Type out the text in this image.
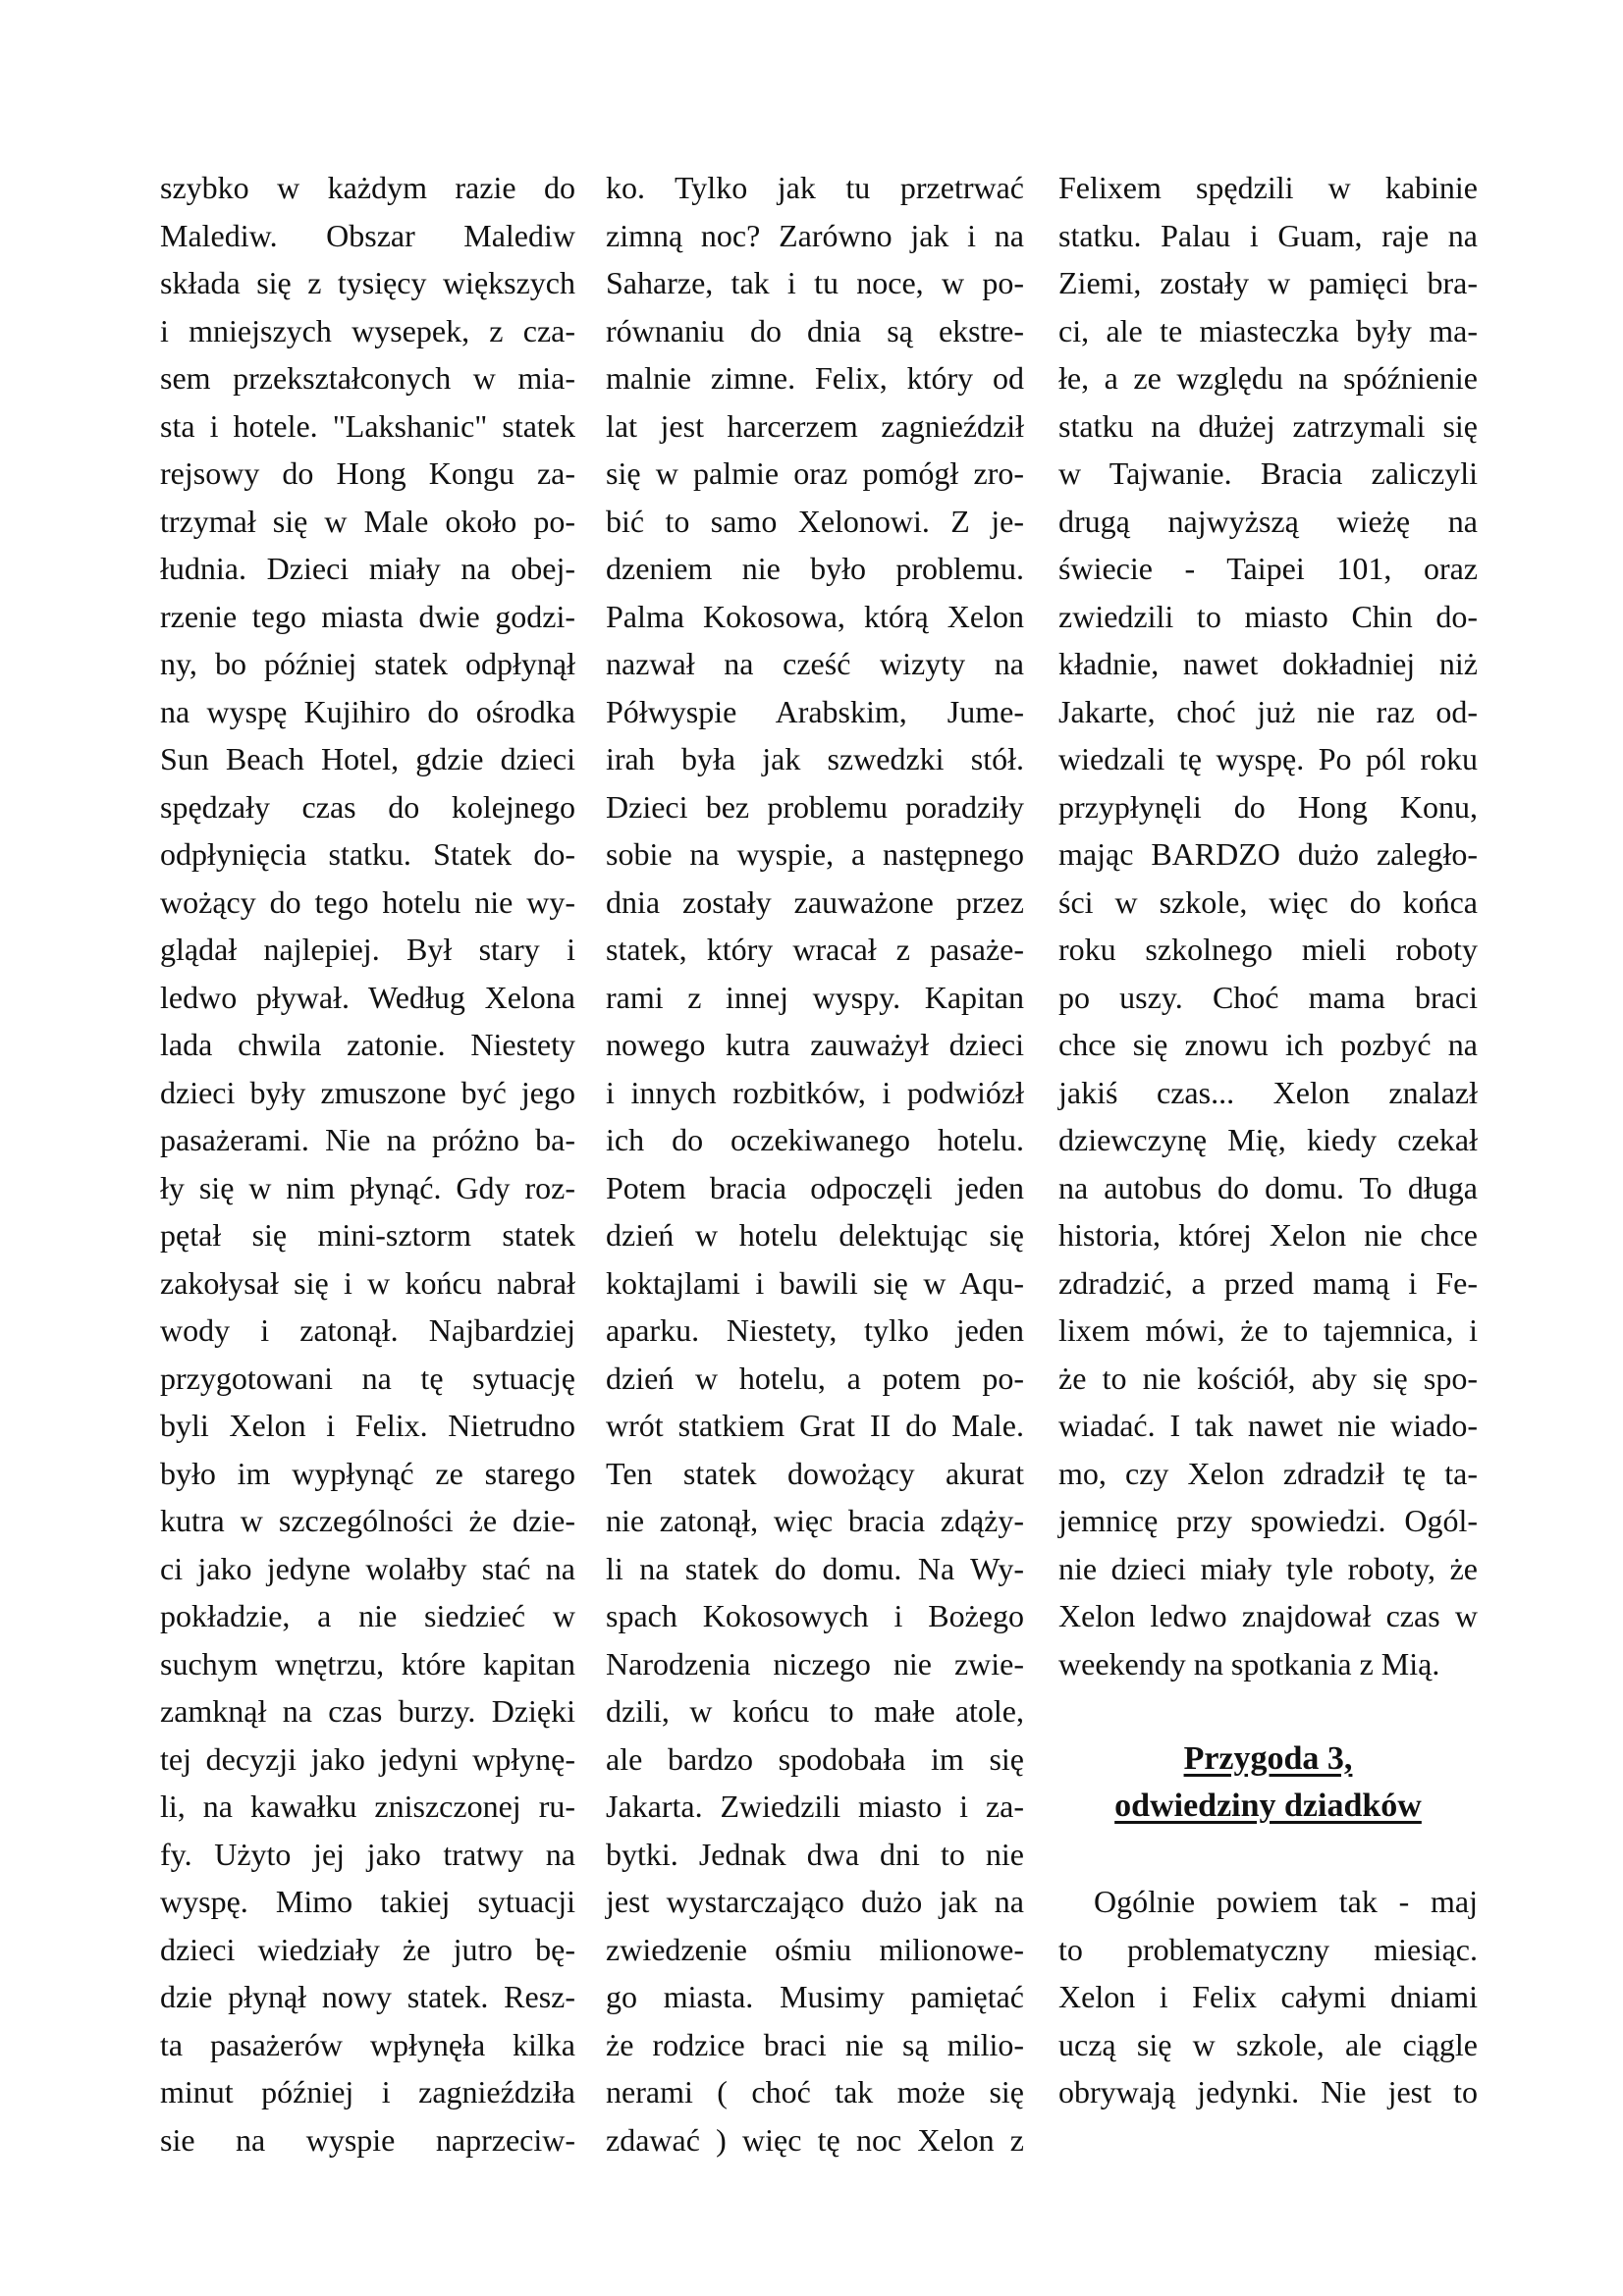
szybko w każdym razie do
Malediw. Obszar Malediw
składa się z tysięcy większych
i mniejszych wysepek, z cza-
sem przekształconych w mia-
sta i hotele. "Lakshanic" statek
rejsowy do Hong Kongu za-
trzymał się w Male około po-
łudnia. Dzieci miały na obej-
rzenie tego miasta dwie godzi-
ny, bo później statek odpłynął
na wyspę Kujihiro do ośrodka
Sun Beach Hotel, gdzie dzieci
spędzały czas do kolejnego
odpłynięcia statku. Statek do-
wożący do tego hotelu nie wy-
glądał najlepiej. Był stary i
ledwo pływał. Według Xelona
lada chwila zatonie. Niestety
dzieci były zmuszone być jego
pasażerami. Nie na próżno ba-
ły się w nim płynąć. Gdy roz-
pętał się mini-sztorm statek
zakołysał się i w końcu nabrał
wody i zatonął. Najbardziej
przygotowani na tę sytuację
byli Xelon i Felix. Nietrudno
było im wypłynąć ze starego
kutra w szczególności że dzie-
ci jako jedyne wolałby stać na
pokładzie, a nie siedzieć w
suchym wnętrzu, które kapitan
zamknął na czas burzy. Dzięki
tej decyzji jako jedyni wpłynę-
li, na kawałku zniszczonej ru-
fy. Użyto jej jako tratwy na
wyspę. Mimo takiej sytuacji
dzieci wiedziały że jutro bę-
dzie płynął nowy statek. Resz-
ta pasażerów wpłynęła kilka
minut później i zagnieździła
sie na wyspie naprzeciw-
ko. Tylko jak tu przetrwać
zimną noc? Zarówno jak i na
Saharze, tak i tu noce, w po-
równaniu do dnia są ekstre-
malnie zimne. Felix, który od
lat jest harcerzem zagnieździł
się w palmie oraz pomógł zro-
bić to samo Xelonowi. Z je-
dzeniem nie było problemu.
Palma Kokosowa, którą Xelon
nazwał na cześć wizyty na
Półwyspie Arabskim, Jume-
irah była jak szwedzki stół.
Dzieci bez problemu poradziły
sobie na wyspie, a następnego
dnia zostały zauważone przez
statek, który wracał z pasaże-
rami z innej wyspy. Kapitan
nowego kutra zauważył dzieci
i innych rozbitków, i podwiózł
ich do oczekiwanego hotelu.
Potem bracia odpoczęli jeden
dzień w hotelu delektując się
koktajlami i bawili się w Aqu-
aparku. Niestety, tylko jeden
dzień w hotelu, a potem po-
wrót statkiem Grat II do Male.
Ten statek dowożący akurat
nie zatonął, więc bracia zdąży-
li na statek do domu. Na Wy-
spach Kokosowych i Bożego
Narodzenia niczego nie zwie-
dzili, w końcu to małe atole,
ale bardzo spodobała im się
Jakarta. Zwiedzili miasto i za-
bytki. Jednak dwa dni to nie
jest wystarczająco dużo jak na
zwiedzenie ośmiu milionowe-
go miasta. Musimy pamiętać
że rodzice braci nie są milio-
nerami ( choć tak może się
zdawać ) więc tę noc Xelon z
Felixem spędzili w kabinie
statku. Palau i Guam, raje na
Ziemi, zostały w pamięci bra-
ci, ale te miasteczka były ma-
łe, a ze względu na spóźnienie
statku na dłużej zatrzymali się
w Tajwanie. Bracia zaliczyli
drugą najwyższą wieżę na
świecie - Taipei 101, oraz
zwiedzili to miasto Chin do-
kładnie, nawet dokładniej niż
Jakarte, choć już nie raz od-
wiedzali tę wyspę. Po pól roku
przypłynęli do Hong Konu,
mając BARDZO dużo zaległo-
ści w szkole, więc do końca
roku szkolnego mieli roboty
po uszy. Choć mama braci
chce się znowu ich pozbyć na
jakiś czas... Xelon znalazł
dziewczynę Mię, kiedy czekał
na autobus do domu. To długa
historia, której Xelon nie chce
zdradzić, a przed mamą i Fe-
lixem mówi, że to tajemnica, i
że to nie kościół, aby się spo-
wiadać. I tak nawet nie wiado-
mo, czy Xelon zdradził tę ta-
jemnicę przy spowiedzi. Ogól-
nie dzieci miały tyle roboty, że
Xelon ledwo znajdował czas w
weekendy na spotkania z Mią.
Przygoda 3,
odwiedziny dziadków
Ogólnie powiem tak - maj
to problematyczny miesiąc.
Xelon i Felix całymi dniami
uczą się w szkole, ale ciągle
obrywają jedynki. Nie jest to
